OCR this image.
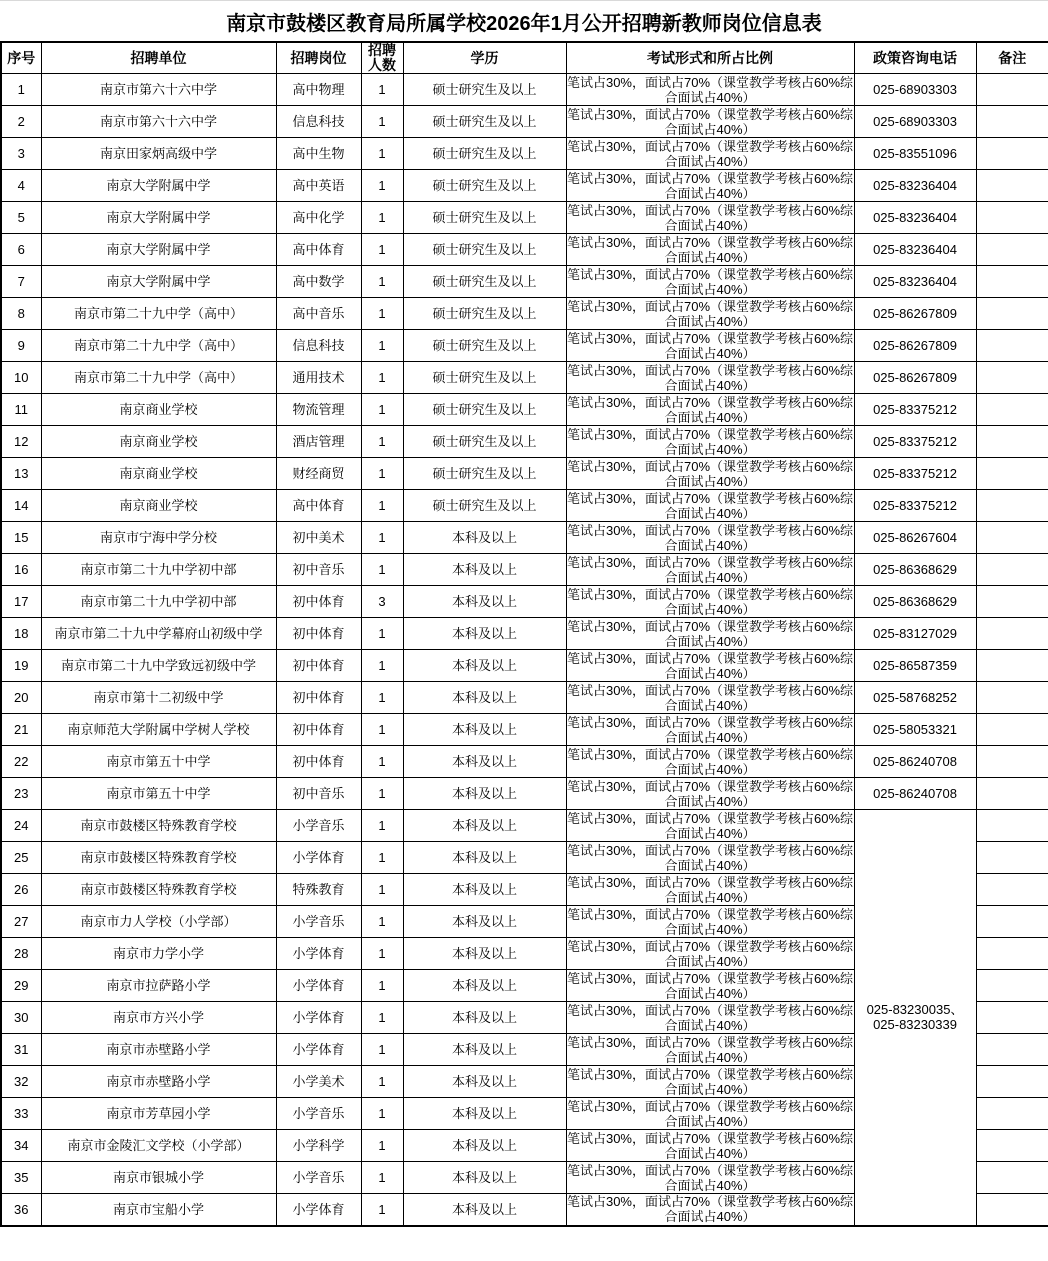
南京市鼓楼区教育局所属学校2026年1月公开招聘新教师岗位信息表
序号	招聘单位	招聘岗位	招聘人数	学历	考试形式和所占比例	政策咨询电话	备注
1	南京市第六十六中学	高中物理	1	硕士研究生及以上	笔试占30%，面试占70%（课堂教学考核占60%综合面试占40%）	025-68903303	
2	南京市第六十六中学	信息科技	1	硕士研究生及以上	笔试占30%，面试占70%（课堂教学考核占60%综合面试占40%）	025-68903303	
3	南京田家炳高级中学	高中生物	1	硕士研究生及以上	笔试占30%，面试占70%（课堂教学考核占60%综合面试占40%）	025-83551096	
4	南京大学附属中学	高中英语	1	硕士研究生及以上	笔试占30%，面试占70%（课堂教学考核占60%综合面试占40%）	025-83236404	
5	南京大学附属中学	高中化学	1	硕士研究生及以上	笔试占30%，面试占70%（课堂教学考核占60%综合面试占40%）	025-83236404	
6	南京大学附属中学	高中体育	1	硕士研究生及以上	笔试占30%，面试占70%（课堂教学考核占60%综合面试占40%）	025-83236404	
7	南京大学附属中学	高中数学	1	硕士研究生及以上	笔试占30%，面试占70%（课堂教学考核占60%综合面试占40%）	025-83236404	
8	南京市第二十九中学（高中）	高中音乐	1	硕士研究生及以上	笔试占30%，面试占70%（课堂教学考核占60%综合面试占40%）	025-86267809	
9	南京市第二十九中学（高中）	信息科技	1	硕士研究生及以上	笔试占30%，面试占70%（课堂教学考核占60%综合面试占40%）	025-86267809	
10	南京市第二十九中学（高中）	通用技术	1	硕士研究生及以上	笔试占30%，面试占70%（课堂教学考核占60%综合面试占40%）	025-86267809	
11	南京商业学校	物流管理	1	硕士研究生及以上	笔试占30%，面试占70%（课堂教学考核占60%综合面试占40%）	025-83375212	
12	南京商业学校	酒店管理	1	硕士研究生及以上	笔试占30%，面试占70%（课堂教学考核占60%综合面试占40%）	025-83375212	
13	南京商业学校	财经商贸	1	硕士研究生及以上	笔试占30%，面试占70%（课堂教学考核占60%综合面试占40%）	025-83375212	
14	南京商业学校	高中体育	1	硕士研究生及以上	笔试占30%，面试占70%（课堂教学考核占60%综合面试占40%）	025-83375212	
15	南京市宁海中学分校	初中美术	1	本科及以上	笔试占30%，面试占70%（课堂教学考核占60%综合面试占40%）	025-86267604	
16	南京市第二十九中学初中部	初中音乐	1	本科及以上	笔试占30%，面试占70%（课堂教学考核占60%综合面试占40%）	025-86368629	
17	南京市第二十九中学初中部	初中体育	3	本科及以上	笔试占30%，面试占70%（课堂教学考核占60%综合面试占40%）	025-86368629	
18	南京市第二十九中学幕府山初级中学	初中体育	1	本科及以上	笔试占30%，面试占70%（课堂教学考核占60%综合面试占40%）	025-83127029	
19	南京市第二十九中学致远初级中学	初中体育	1	本科及以上	笔试占30%，面试占70%（课堂教学考核占60%综合面试占40%）	025-86587359	
20	南京市第十二初级中学	初中体育	1	本科及以上	笔试占30%，面试占70%（课堂教学考核占60%综合面试占40%）	025-58768252	
21	南京师范大学附属中学树人学校	初中体育	1	本科及以上	笔试占30%，面试占70%（课堂教学考核占60%综合面试占40%）	025-58053321	
22	南京市第五十中学	初中体育	1	本科及以上	笔试占30%，面试占70%（课堂教学考核占60%综合面试占40%）	025-86240708	
23	南京市第五十中学	初中音乐	1	本科及以上	笔试占30%，面试占70%（课堂教学考核占60%综合面试占40%）	025-86240708	
24	南京市鼓楼区特殊教育学校	小学音乐	1	本科及以上	笔试占30%，面试占70%（课堂教学考核占60%综合面试占40%）	025-83230035、025-83230339	
25	南京市鼓楼区特殊教育学校	小学体育	1	本科及以上	笔试占30%，面试占70%（课堂教学考核占60%综合面试占40%）		
26	南京市鼓楼区特殊教育学校	特殊教育	1	本科及以上	笔试占30%，面试占70%（课堂教学考核占60%综合面试占40%）		
27	南京市力人学校（小学部）	小学音乐	1	本科及以上	笔试占30%，面试占70%（课堂教学考核占60%综合面试占40%）		
28	南京市力学小学	小学体育	1	本科及以上	笔试占30%，面试占70%（课堂教学考核占60%综合面试占40%）		
29	南京市拉萨路小学	小学体育	1	本科及以上	笔试占30%，面试占70%（课堂教学考核占60%综合面试占40%）		
30	南京市方兴小学	小学体育	1	本科及以上	笔试占30%，面试占70%（课堂教学考核占60%综合面试占40%）		
31	南京市赤壁路小学	小学体育	1	本科及以上	笔试占30%，面试占70%（课堂教学考核占60%综合面试占40%）		
32	南京市赤壁路小学	小学美术	1	本科及以上	笔试占30%，面试占70%（课堂教学考核占60%综合面试占40%）		
33	南京市芳草园小学	小学音乐	1	本科及以上	笔试占30%，面试占70%（课堂教学考核占60%综合面试占40%）		
34	南京市金陵汇文学校（小学部）	小学科学	1	本科及以上	笔试占30%，面试占70%（课堂教学考核占60%综合面试占40%）		
35	南京市银城小学	小学音乐	1	本科及以上	笔试占30%，面试占70%（课堂教学考核占60%综合面试占40%）		
36	南京市宝船小学	小学体育	1	本科及以上	笔试占30%，面试占70%（课堂教学考核占60%综合面试占40%）		
